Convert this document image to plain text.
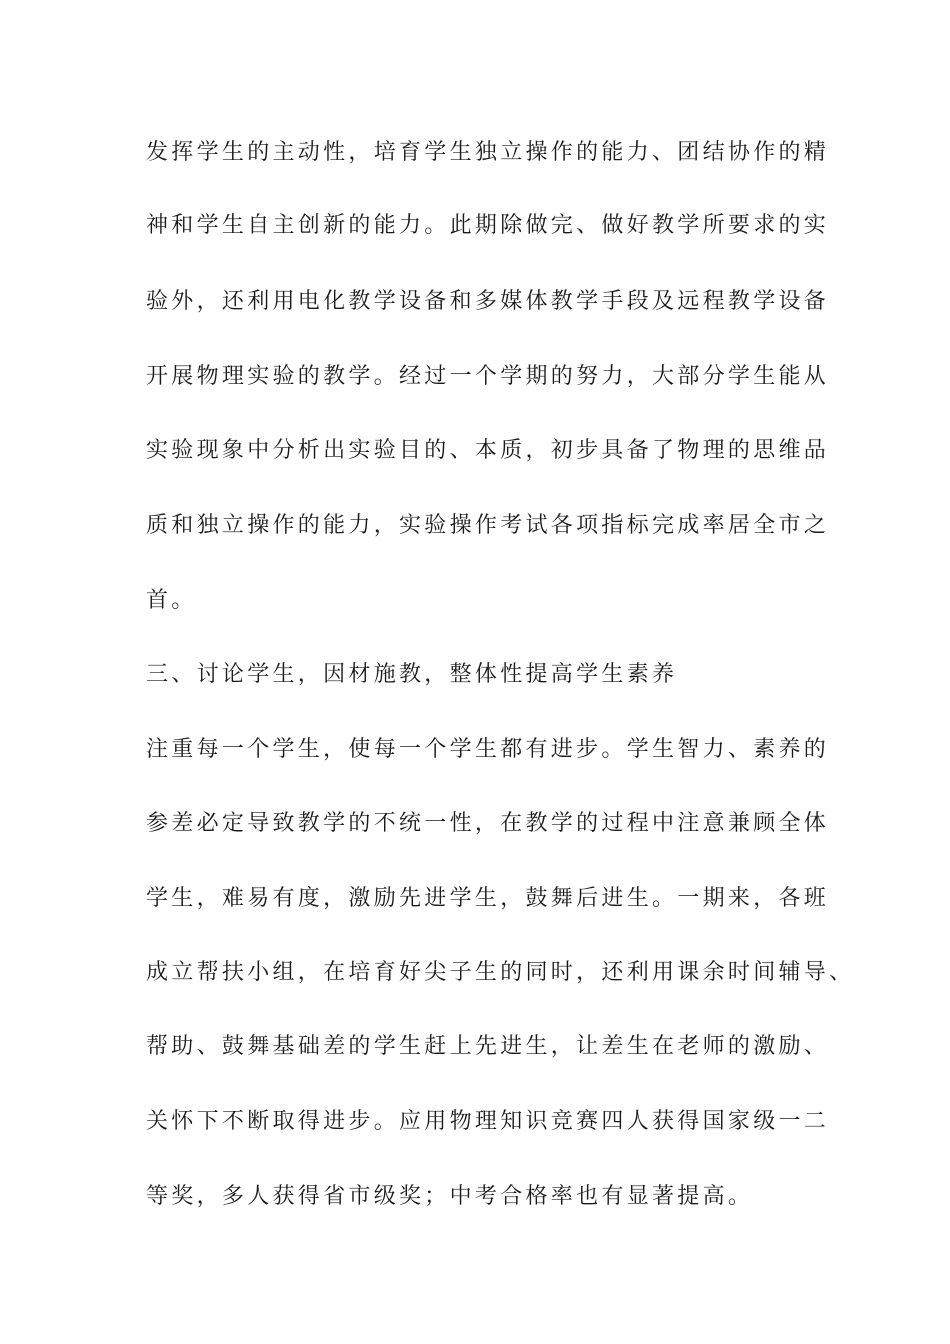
发挥学生的主动性，培育学生独立操作的能力、团结协作的精
神和学生自主创新的能力。此期除做完、做好教学所要求的实
验外，还利用电化教学设备和多媒体教学手段及远程教学设备
开展物理实验的教学。经过一个学期的努力，大部分学生能从
实验现象中分析出实验目的、本质，初步具备了物理的思维品
质和独立操作的能力，实验操作考试各项指标完成率居全市之
首。
三、讨论学生，因材施教，整体性提高学生素养
注重每一个学生，使每一个学生都有进步。学生智力、素养的
参差必定导致教学的不统一性，在教学的过程中注意兼顾全体
学生，难易有度，激励先进学生，鼓舞后进生。一期来，各班
成立帮扶小组，在培育好尖子生的同时，还利用课余时间辅导、
帮助、鼓舞基础差的学生赶上先进生，让差生在老师的激励、
关怀下不断取得进步。应用物理知识竞赛四人获得国家级一二
等奖，多人获得省市级奖；中考合格率也有显著提高。
